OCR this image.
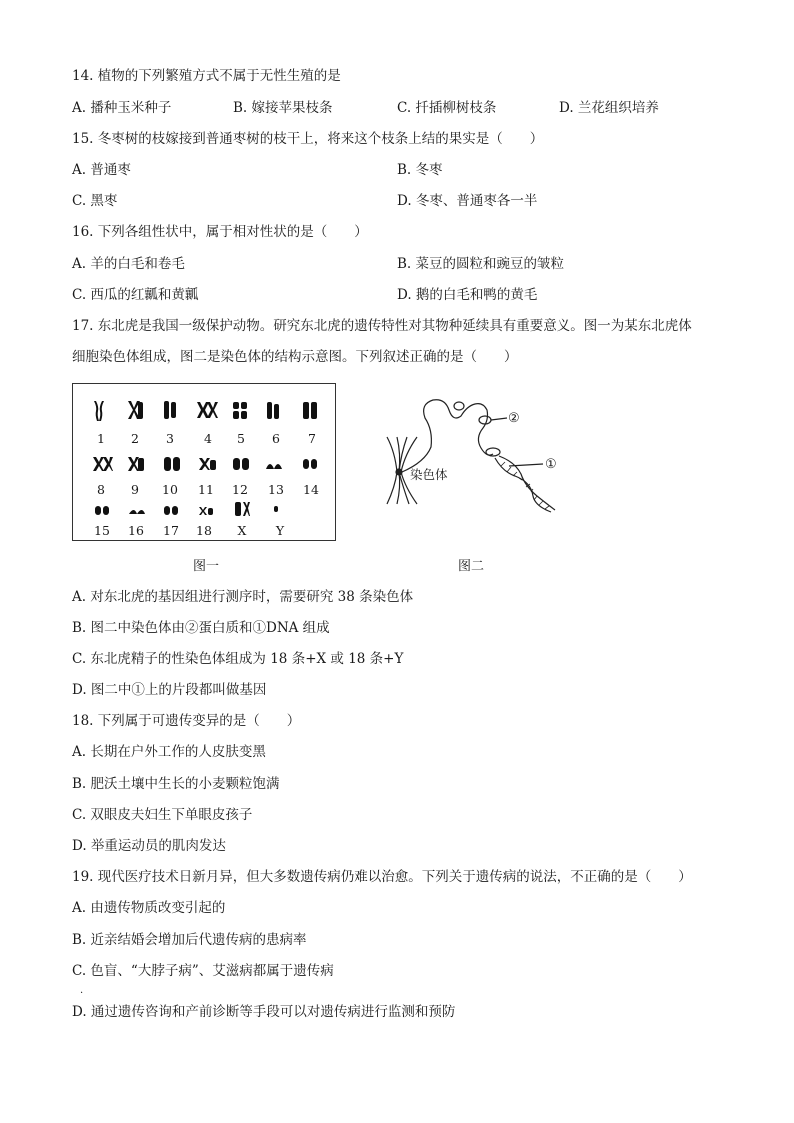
14. 植物的下列繁殖方式不属于无性生殖的是
A. 播种玉米种子	B. 嫁接苹果枝条	C. 扦插柳树枝条	D. 兰花组织培养
15. 冬枣树的枝嫁接到普通枣树的枝干上，将来这个枝条上结的果实是（　　）
A. 普通枣	B. 冬枣
C. 黑枣	D. 冬枣、普通枣各一半
16. 下列各组性状中，属于相对性状的是（　　）
A. 羊的白毛和卷毛	B. 菜豆的圆粒和豌豆的皱粒
C. 西瓜的红瓤和黄瓤	D. 鹅的白毛和鸭的黄毛
17. 东北虎是我国一级保护动物。研究东北虎的遗传特性对其物种延续具有重要意义。图一为某东北虎体
细胞染色体组成，图二是染色体的结构示意图。下列叙述正确的是（　　）
1	2	3	4	5	6	7
8	9	10	11	12	13	14
15	16	17	18	X	Y
图一
染色体
②
①
图二
A. 对东北虎的基因组进行测序时，需要研究 38 条染色体
B. 图二中染色体由②蛋白质和①DNA 组成
C. 东北虎精子的性染色体组成为 18 条+X 或 18 条+Y
D. 图二中①上的片段都叫做基因
18. 下列属于可遗传变异的是（　　）
A. 长期在户外工作的人皮肤变黑
B. 肥沃土壤中生长的小麦颗粒饱满
C. 双眼皮夫妇生下单眼皮孩子
D. 举重运动员的肌肉发达
19. 现代医疗技术日新月异，但大多数遗传病仍难以治愈。下列关于遗传病的说法，不正确的是（　　）
A. 由遗传物质改变引起的
B. 近亲结婚会增加后代遗传病的患病率
C. 色盲、“大脖子病”、艾滋病都属于遗传病
.
D. 通过遗传咨询和产前诊断等手段可以对遗传病进行监测和预防
